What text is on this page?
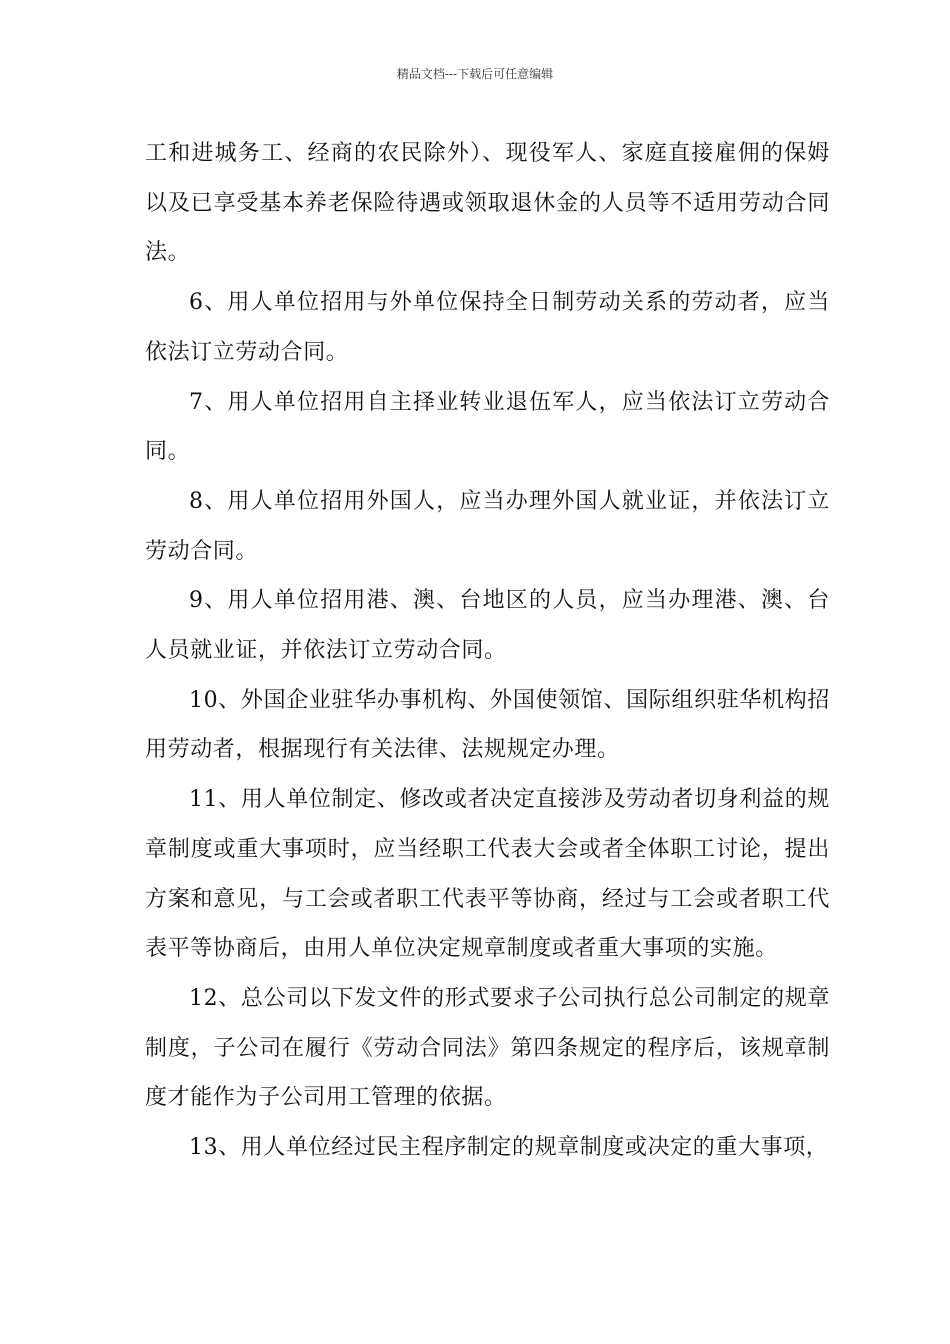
精品文档---下载后可任意编辑

工和进城务工、经商的农民除外）、现役军人、家庭直接雇佣的保姆以及已享受基本养老保险待遇或领取退休金的人员等不适用劳动合同法。

6、用人单位招用与外单位保持全日制劳动关系的劳动者，应当依法订立劳动合同。

7、用人单位招用自主择业转业退伍军人，应当依法订立劳动合同。

8、用人单位招用外国人，应当办理外国人就业证，并依法订立劳动合同。

9、用人单位招用港、澳、台地区的人员，应当办理港、澳、台人员就业证，并依法订立劳动合同。

10、外国企业驻华办事机构、外国使领馆、国际组织驻华机构招用劳动者，根据现行有关法律、法规规定办理。

11、用人单位制定、修改或者决定直接涉及劳动者切身利益的规章制度或重大事项时，应当经职工代表大会或者全体职工讨论，提出方案和意见，与工会或者职工代表平等协商，经过与工会或者职工代表平等协商后，由用人单位决定规章制度或者重大事项的实施。

12、总公司以下发文件的形式要求子公司执行总公司制定的规章制度，子公司在履行《劳动合同法》第四条规定的程序后，该规章制度才能作为子公司用工管理的依据。

13、用人单位经过民主程序制定的规章制度或决定的重大事项，
